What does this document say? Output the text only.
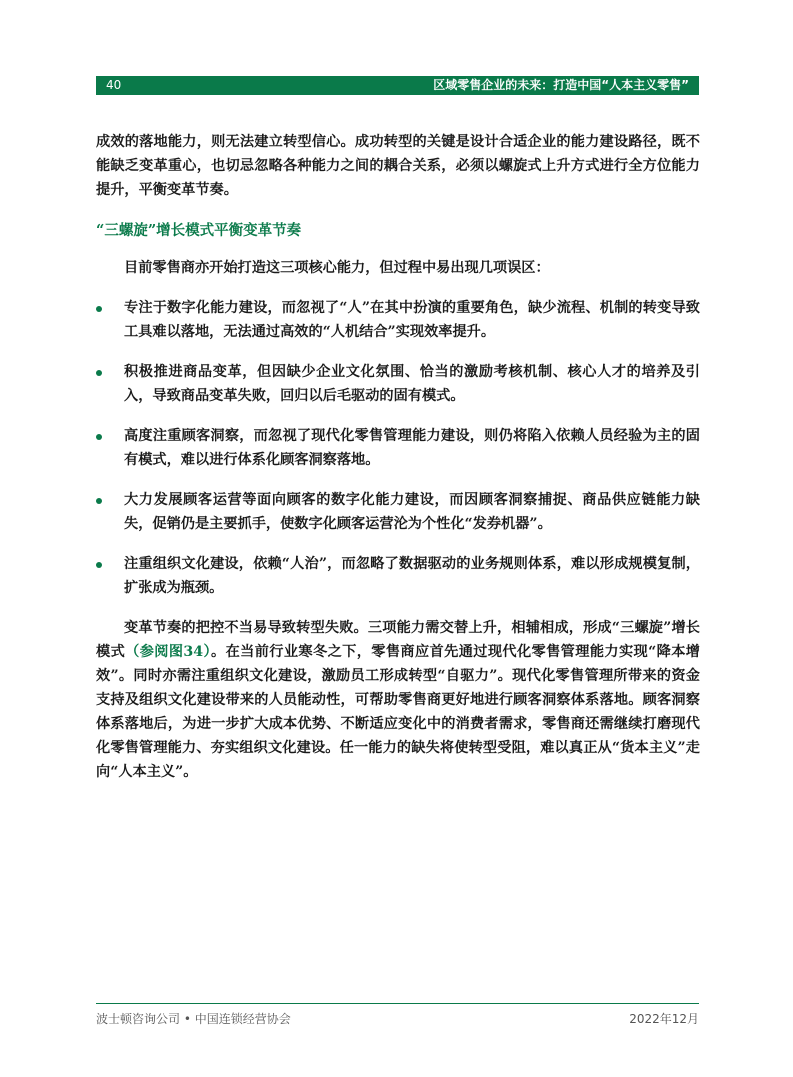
40	区域零售企业的未来：打造中国“人本主义零售”

成效的落地能力，则无法建立转型信心。成功转型的关键是设计合适企业的能力建设路径，既不能缺乏变革重心，也切忌忽略各种能力之间的耦合关系，必须以螺旋式上升方式进行全方位能力提升，平衡变革节奏。

“三螺旋”增长模式平衡变革节奏

目前零售商亦开始打造这三项核心能力，但过程中易出现几项误区：

专注于数字化能力建设，而忽视了“人”在其中扮演的重要角色，缺少流程、机制的转变导致工具难以落地，无法通过高效的“人机结合”实现效率提升。
积极推进商品变革，但因缺少企业文化氛围、恰当的激励考核机制、核心人才的培养及引入，导致商品变革失败，回归以后毛驱动的固有模式。
高度注重顾客洞察，而忽视了现代化零售管理能力建设，则仍将陷入依赖人员经验为主的固有模式，难以进行体系化顾客洞察落地。
大力发展顾客运营等面向顾客的数字化能力建设，而因顾客洞察捕捉、商品供应链能力缺失，促销仍是主要抓手，使数字化顾客运营沦为个性化“发券机器”。
注重组织文化建设，依赖“人治”，而忽略了数据驱动的业务规则体系，难以形成规模复制，扩张成为瓶颈。

变革节奏的把控不当易导致转型失败。三项能力需交替上升，相辅相成，形成“三螺旋”增长模式（参阅图34）。在当前行业寒冬之下，零售商应首先通过现代化零售管理能力实现“降本增效”。同时亦需注重组织文化建设，激励员工形成转型“自驱力”。现代化零售管理所带来的资金支持及组织文化建设带来的人员能动性，可帮助零售商更好地进行顾客洞察体系落地。顾客洞察体系落地后，为进一步扩大成本优势、不断适应变化中的消费者需求，零售商还需继续打磨现代化零售管理能力、夯实组织文化建设。任一能力的缺失将使转型受阻，难以真正从“货本主义”走向“人本主义”。

波士顿咨询公司 • 中国连锁经营协会	2022年12月
